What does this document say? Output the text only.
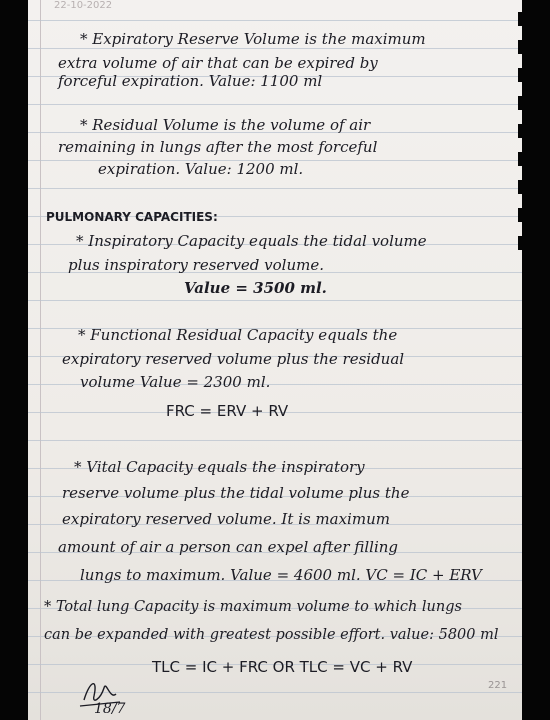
22-10-2022
* Expiratory Reserve Volume is the maximum
extra volume of air that can be expired by
forceful expiration. Value: 1100 ml
* Residual Volume is the volume of air
remaining in lungs after the most forceful
expiration. Value: 1200 ml.
PULMONARY CAPACITIES:
* Inspiratory Capacity equals the tidal volume
plus inspiratory reserved volume.
Value = 3500 ml.
* Functional Residual Capacity equals the
expiratory reserved volume plus the residual
volume Value = 2300 ml.
FRC = ERV + RV
* Vital Capacity equals the inspiratory
reserve volume plus the tidal volume plus the
expiratory reserved volume. It is maximum
amount of air a person can expel after filling
lungs to maximum. Value = 4600 ml. VC = IC + ERV
* Total lung Capacity is maximum volume to which lungs
can be expanded with greatest possible effort. value: 5800 ml
TLC = IC + FRC OR TLC = VC + RV
18/7
221
